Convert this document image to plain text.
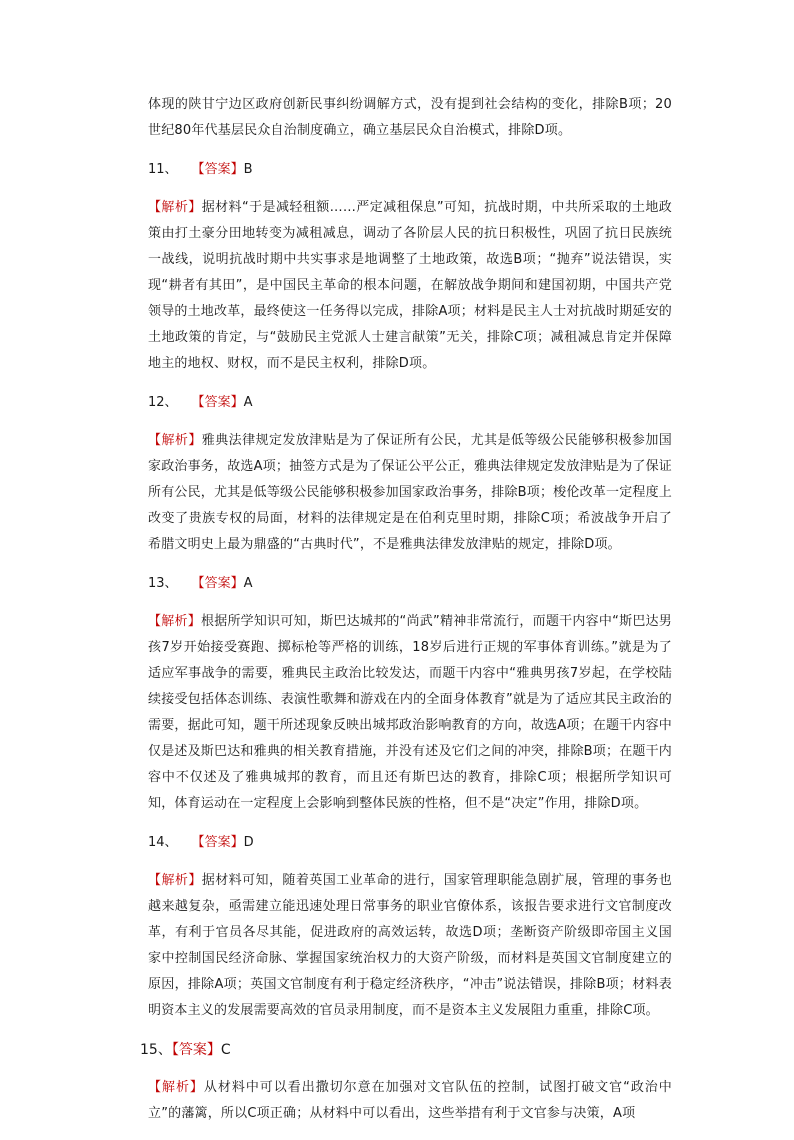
体现的陕甘宁边区政府创新民事纠纷调解方式，没有提到社会结构的变化，排除B项；20世纪80年代基层民众自治制度确立，确立基层民众自治模式，排除D项。

11、 【答案】B

【解析】据材料“于是减轻租额……严定减租保息”可知，抗战时期，中共所采取的土地政策由打土豪分田地转变为减租减息，调动了各阶层人民的抗日积极性，巩固了抗日民族统一战线，说明抗战时期中共实事求是地调整了土地政策，故选B项；“抛弃”说法错误，实现“耕者有其田”，是中国民主革命的根本问题，在解放战争期间和建国初期，中国共产党领导的土地改革，最终使这一任务得以完成，排除A项；材料是民主人士对抗战时期延安的土地政策的肯定，与“鼓励民主党派人士建言献策”无关，排除C项；减租减息肯定并保障地主的地权、财权，而不是民主权利，排除D项。

12、 【答案】A

【解析】雅典法律规定发放津贴是为了保证所有公民，尤其是低等级公民能够积极参加国家政治事务，故选A项；抽签方式是为了保证公平公正，雅典法律规定发放津贴是为了保证所有公民，尤其是低等级公民能够积极参加国家政治事务，排除B项；梭伦改革一定程度上改变了贵族专权的局面，材料的法律规定是在伯利克里时期，排除C项；希波战争开启了希腊文明史上最为鼎盛的“古典时代”，不是雅典法律发放津贴的规定，排除D项。

13、 【答案】A

【解析】根据所学知识可知，斯巴达城邦的“尚武”精神非常流行，而题干内容中“斯巴达男孩7岁开始接受赛跑、掷标枪等严格的训练，18岁后进行正规的军事体育训练。”就是为了适应军事战争的需要，雅典民主政治比较发达，而题干内容中“雅典男孩7岁起，在学校陆续接受包括体态训练、表演性歌舞和游戏在内的全面身体教育”就是为了适应其民主政治的需要，据此可知，题干所述现象反映出城邦政治影响教育的方向，故选A项；在题干内容中仅是述及斯巴达和雅典的相关教育措施，并没有述及它们之间的冲突，排除B项；在题干内容中不仅述及了雅典城邦的教育，而且还有斯巴达的教育，排除C项；根据所学知识可知，体育运动在一定程度上会影响到整体民族的性格，但不是“决定”作用，排除D项。

14、 【答案】D

【解析】据材料可知，随着英国工业革命的进行，国家管理职能急剧扩展，管理的事务也越来越复杂，亟需建立能迅速处理日常事务的职业官僚体系，该报告要求进行文官制度改革，有利于官员各尽其能，促进政府的高效运转，故选D项；垄断资产阶级即帝国主义国家中控制国民经济命脉、掌握国家统治权力的大资产阶级，而材料是英国文官制度建立的原因，排除A项；英国文官制度有利于稳定经济秩序，“冲击”说法错误，排除B项；材料表明资本主义的发展需要高效的官员录用制度，而不是资本主义发展阻力重重，排除C项。

15、【答案】C

【解析】从材料中可以看出撒切尔意在加强对文官队伍的控制，试图打破文官“政治中立”的藩篱，所以C项正确；从材料中可以看出，这些举措有利于文官参与决策，A项
